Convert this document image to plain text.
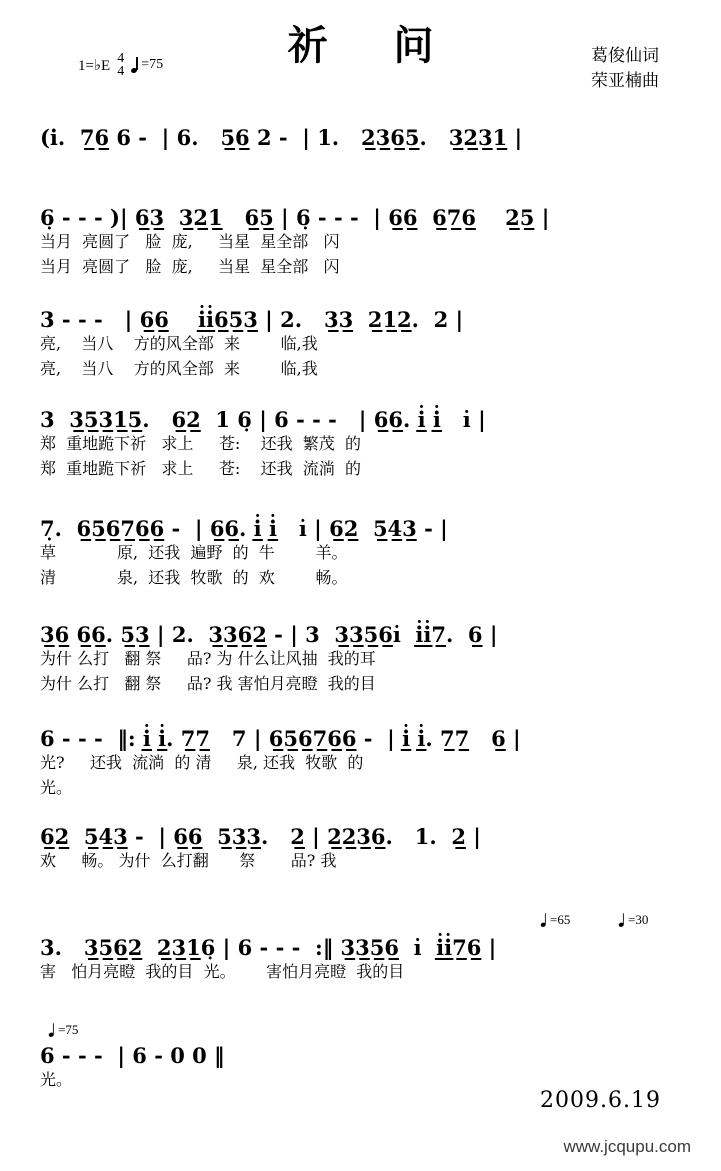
祈 问
1=♭E 4
4 =75	葛俊仙词
荣亚楠曲
(i.  7̲6̲ 6 -  | 6.   5̲6̲ 2 -  | 1.   2̲3̲6̲5̲.   3̲2̲3̲1̲ |
6̣ - - - )| 6̲3̲  3̲2̲1̲   6̲5̲ | 6̣ - - -  | 6̲6̲  6̲7̲6̲    2̲5̲ |
当月  亮圆了   脸  庞,     当星  星全部   闪
当月  亮圆了   脸  庞,     当星  星全部   闪
3 - - -   | 6̲6̲    i̲̇i̲̇6̲5̲3̲ | 2.   3̲3̲  2̲1̲2̲.  2 |
亮,    当八    方的风全部  来        临,我
亮,    当八    方的风全部  来        临,我
3  3̲5̲3̲1̲5̲.   6̲2̲  1 6̣ | 6 - - -   | 6̲6̲. i̲̇ i̲̇   i̇ |
郑  重地跪下祈   求上     苍:    还我  繁茂  的
郑  重地跪下祈   求上     苍:    还我  流淌  的
7̣.  6̲5̲6̲7̲6̲6̲ -  | 6̲6̲. i̲̇ i̲̇   i̇ | 6̲2̲  5̲4̲3̲ - |
草            原,  还我  遍野  的  牛        羊。
清            泉,  还我  牧歌  的  欢        畅。
3̲6̲ 6̲6̲. 5̲3̲ | 2.  3̲3̲6̲2̲ - | 3  3̲3̲5̲6̲i̇  i̲̇i̲̇7̲.  6̲ |
为什 么打   翻 祭     品? 为 什么让风抽  我的耳
为什 么打   翻 祭     品? 我 害怕月亮瞪  我的目
6 - - -  ‖: i̲̇ i̲̇. 7̲7̲   7 | 6̲5̲6̲7̲6̲6̲ -  | i̲̇ i̲̇. 7̲7̲   6̲ |
光?     还我  流淌  的 清     泉, 还我  牧歌  的
光。
6̲2̲  5̲4̲3̲ -  | 6̲6̲  5̲3̲3̲.   2̲ | 2̲2̲3̲6̲.   1.  2̲ |
欢     畅。 为什  么打翻      祭       品? 我
=65	=30
3.   3̲5̲6̲2̲  2̲3̲1̲6̣ | 6 - - -  :‖ 3̲3̲5̲6̲  i̇  i̲̇i̲̇7̲6̲ |
害   怕月亮瞪  我的目  光。      害怕月亮瞪  我的目
=75
6 - - -  | 6 - 0 0 ‖
光。
2009.6.19
www.jcqupu.com
